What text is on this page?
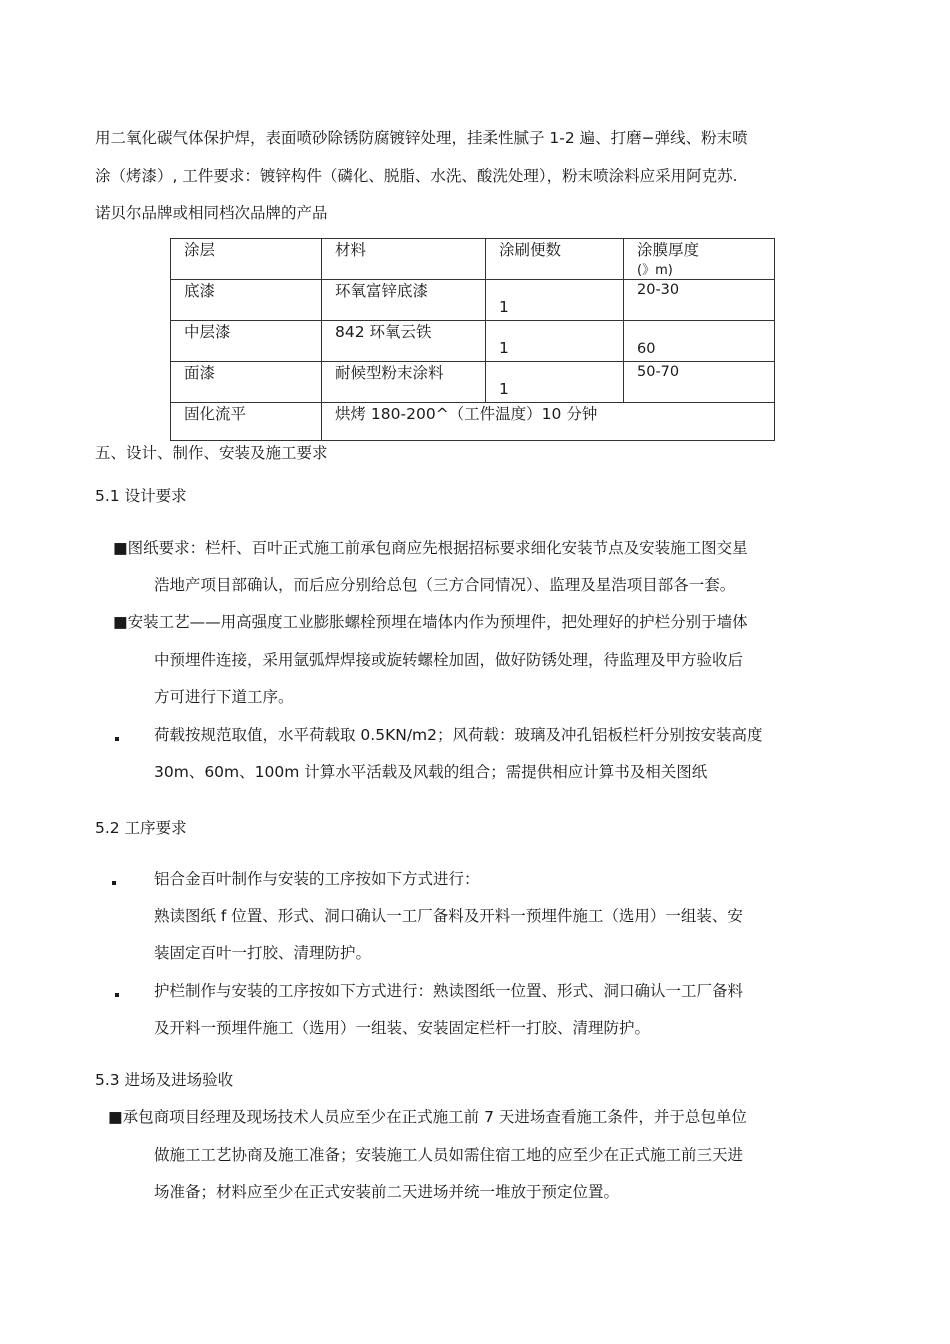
用二氧化碳气体保护焊，表面喷砂除锈防腐镀锌处理，挂柔性腻子 1-2 遍、打磨−弹线、粉末喷
涂（烤漆）, 工件要求：镀锌构件（磷化、脱脂、水洗、酸洗处理），粉末喷涂料应采用阿克苏.
诺贝尔品牌或相同档次品牌的产品
涂层	材料	涂刷便数	涂膜厚度
(》m)
底漆	环氧富锌底漆	1	20-30
中层漆	842 环氧云铁	1	60
面漆	耐候型粉末涂料	1	50-70
固化流平	烘烤 180-200^（工件温度）10 分钟		
五、设计、制作、安装及施工要求
5.1 设计要求
■图纸要求：栏杆、百叶正式施工前承包商应先根据招标要求细化安装节点及安装施工图交星
浩地产项目部确认，而后应分别给总包（三方合同情况）、监理及星浩项目部各一套。
■安装工艺——用高强度工业膨胀螺栓预埋在墙体内作为预埋件，把处理好的护栏分别于墙体
中预埋件连接，采用氩弧焊焊接或旋转螺栓加固，做好防锈处理，待监理及甲方验收后
方可进行下道工序。
荷载按规范取值，水平荷载取 0.5KN/m2；风荷载：玻璃及冲孔铝板栏杆分别按安装高度
30m、60m、100m 计算水平活载及风载的组合；需提供相应计算书及相关图纸
5.2 工序要求
铝合金百叶制作与安装的工序按如下方式进行：
熟读图纸 f 位置、形式、洞口确认一工厂备料及开料一预埋件施工（选用）一组装、安
装固定百叶一打胶、清理防护。
护栏制作与安装的工序按如下方式进行：熟读图纸一位置、形式、洞口确认一工厂备料
及开料一预埋件施工（选用）一组装、安装固定栏杆一打胶、清理防护。
5.3 进场及进场验收
■承包商项目经理及现场技术人员应至少在正式施工前 7 天进场查看施工条件，并于总包单位
做施工工艺协商及施工准备；安装施工人员如需住宿工地的应至少在正式施工前三天进
场准备；材料应至少在正式安装前二天进场并统一堆放于预定位置。
